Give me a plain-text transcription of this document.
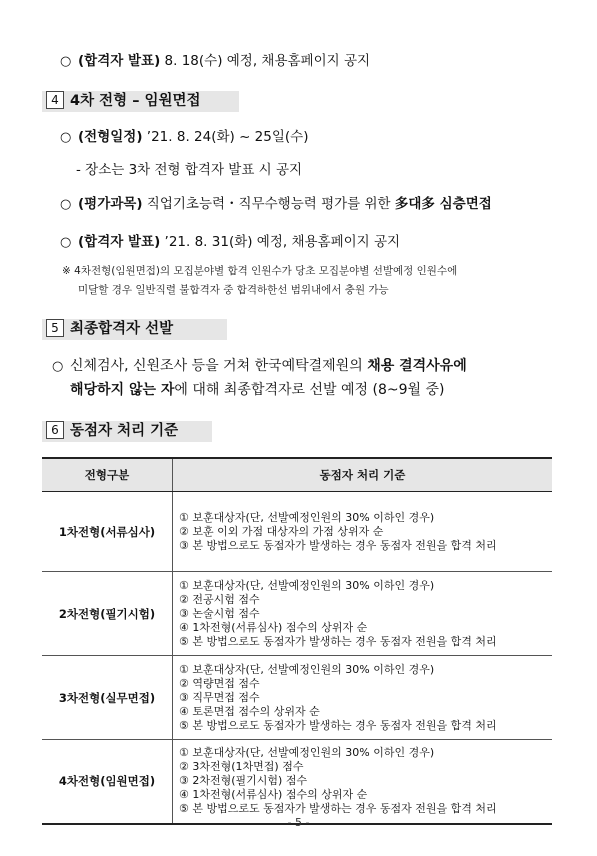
○ (합격자 발표) 8. 18(수) 예정, 채용홈페이지 공지
4 4차 전형 – 임원면접
○ (전형일정) ’21. 8. 24(화) ~ 25일(수)
- 장소는 3차 전형 합격자 발표 시 공지
○ (평가과목) 직업기초능력・직무수행능력 평가를 위한 多대多 심층면접
○ (합격자 발표) ’21. 8. 31(화) 예정, 채용홈페이지 공지
※ 4차전형(임원면접)의 모집분야별 합격 인원수가 당초 모집분야별 선발예정 인원수에
미달할 경우 일반직렬 불합격자 중 합격하한선 범위내에서 충원 가능
5 최종합격자 선발
○ 신체검사, 신원조사 등을 거쳐 한국예탁결제원의 채용 결격사유에
해당하지 않는 자에 대해 최종합격자로 선발 예정 (8~9월 중)
6 동점자 처리 기준
전형구분	동점자 처리 기준
1차전형(서류심사)	① 보훈대상자(단, 선발예정인원의 30% 이하인 경우)
② 보훈 이외 가점 대상자의 가점 상위자 순
③ 본 방법으로도 동점자가 발생하는 경우 동점자 전원을 합격 처리

2차전형(필기시험)	① 보훈대상자(단, 선발예정인원의 30% 이하인 경우)
② 전공시험 점수
③ 논술시험 점수
④ 1차전형(서류심사) 점수의 상위자 순
⑤ 본 방법으로도 동점자가 발생하는 경우 동점자 전원을 합격 처리

3차전형(실무면접)	① 보훈대상자(단, 선발예정인원의 30% 이하인 경우)
② 역량면접 점수
③ 직무면접 점수
④ 토론면접 점수의 상위자 순
⑤ 본 방법으로도 동점자가 발생하는 경우 동점자 전원을 합격 처리

4차전형(임원면접)	① 보훈대상자(단, 선발예정인원의 30% 이하인 경우)
② 3차전형(1차면접) 점수
③ 2차전형(필기시험) 점수
④ 1차전형(서류심사) 점수의 상위자 순
⑤ 본 방법으로도 동점자가 발생하는 경우 동점자 전원을 합격 처리
- 5 -
